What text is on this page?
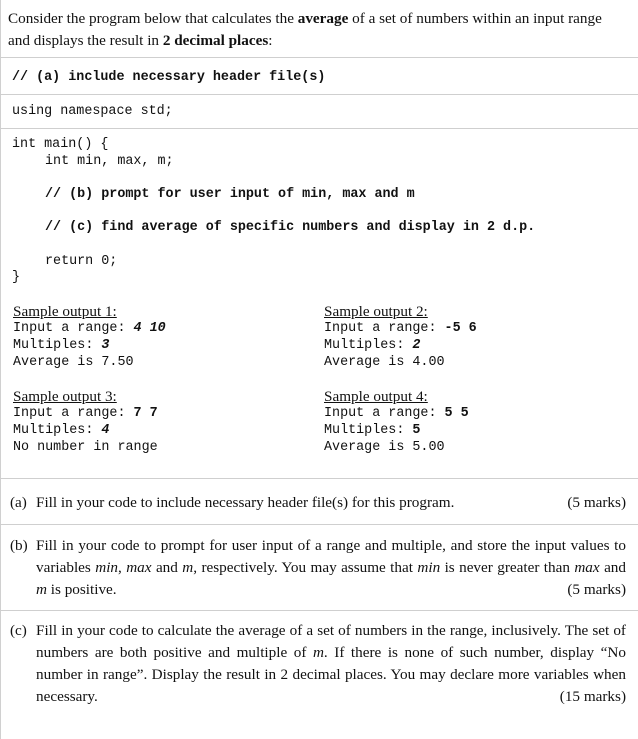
Consider the program below that calculates the average of a set of numbers within an input range and displays the result in 2 decimal places:
// (a) include necessary header file(s)
using namespace std;
int main() {
int min, max, m;
// (b) prompt for user input of min, max and m
// (c) find average of specific numbers and display in 2 d.p.
return 0;
}
Sample output 1:
Input a range: 4 10
Multiples: 3
Average is 7.50
Sample output 2:
Input a range: -5 6
Multiples: 2
Average is 4.00
Sample output 3:
Input a range: 7 7
Multiples: 4
No number in range
Sample output 4:
Input a range: 5 5
Multiples: 5
Average is 5.00
(a)	(5 marks)
Fill in your code to include necessary header file(s) for this program.
(b) Fill in your code to prompt for user input of a range and multiple, and store the input values to variables min, max and m, respectively. You may assume that min is never greater than max and m is positive.	(5 marks)
(c) Fill in your code to calculate the average of a set of numbers in the range, inclusively. The set of numbers are both positive and multiple of m. If there is none of such number, display “No number in range”. Display the result in 2 decimal places. You may declare more variables when necessary.	(15 marks)
